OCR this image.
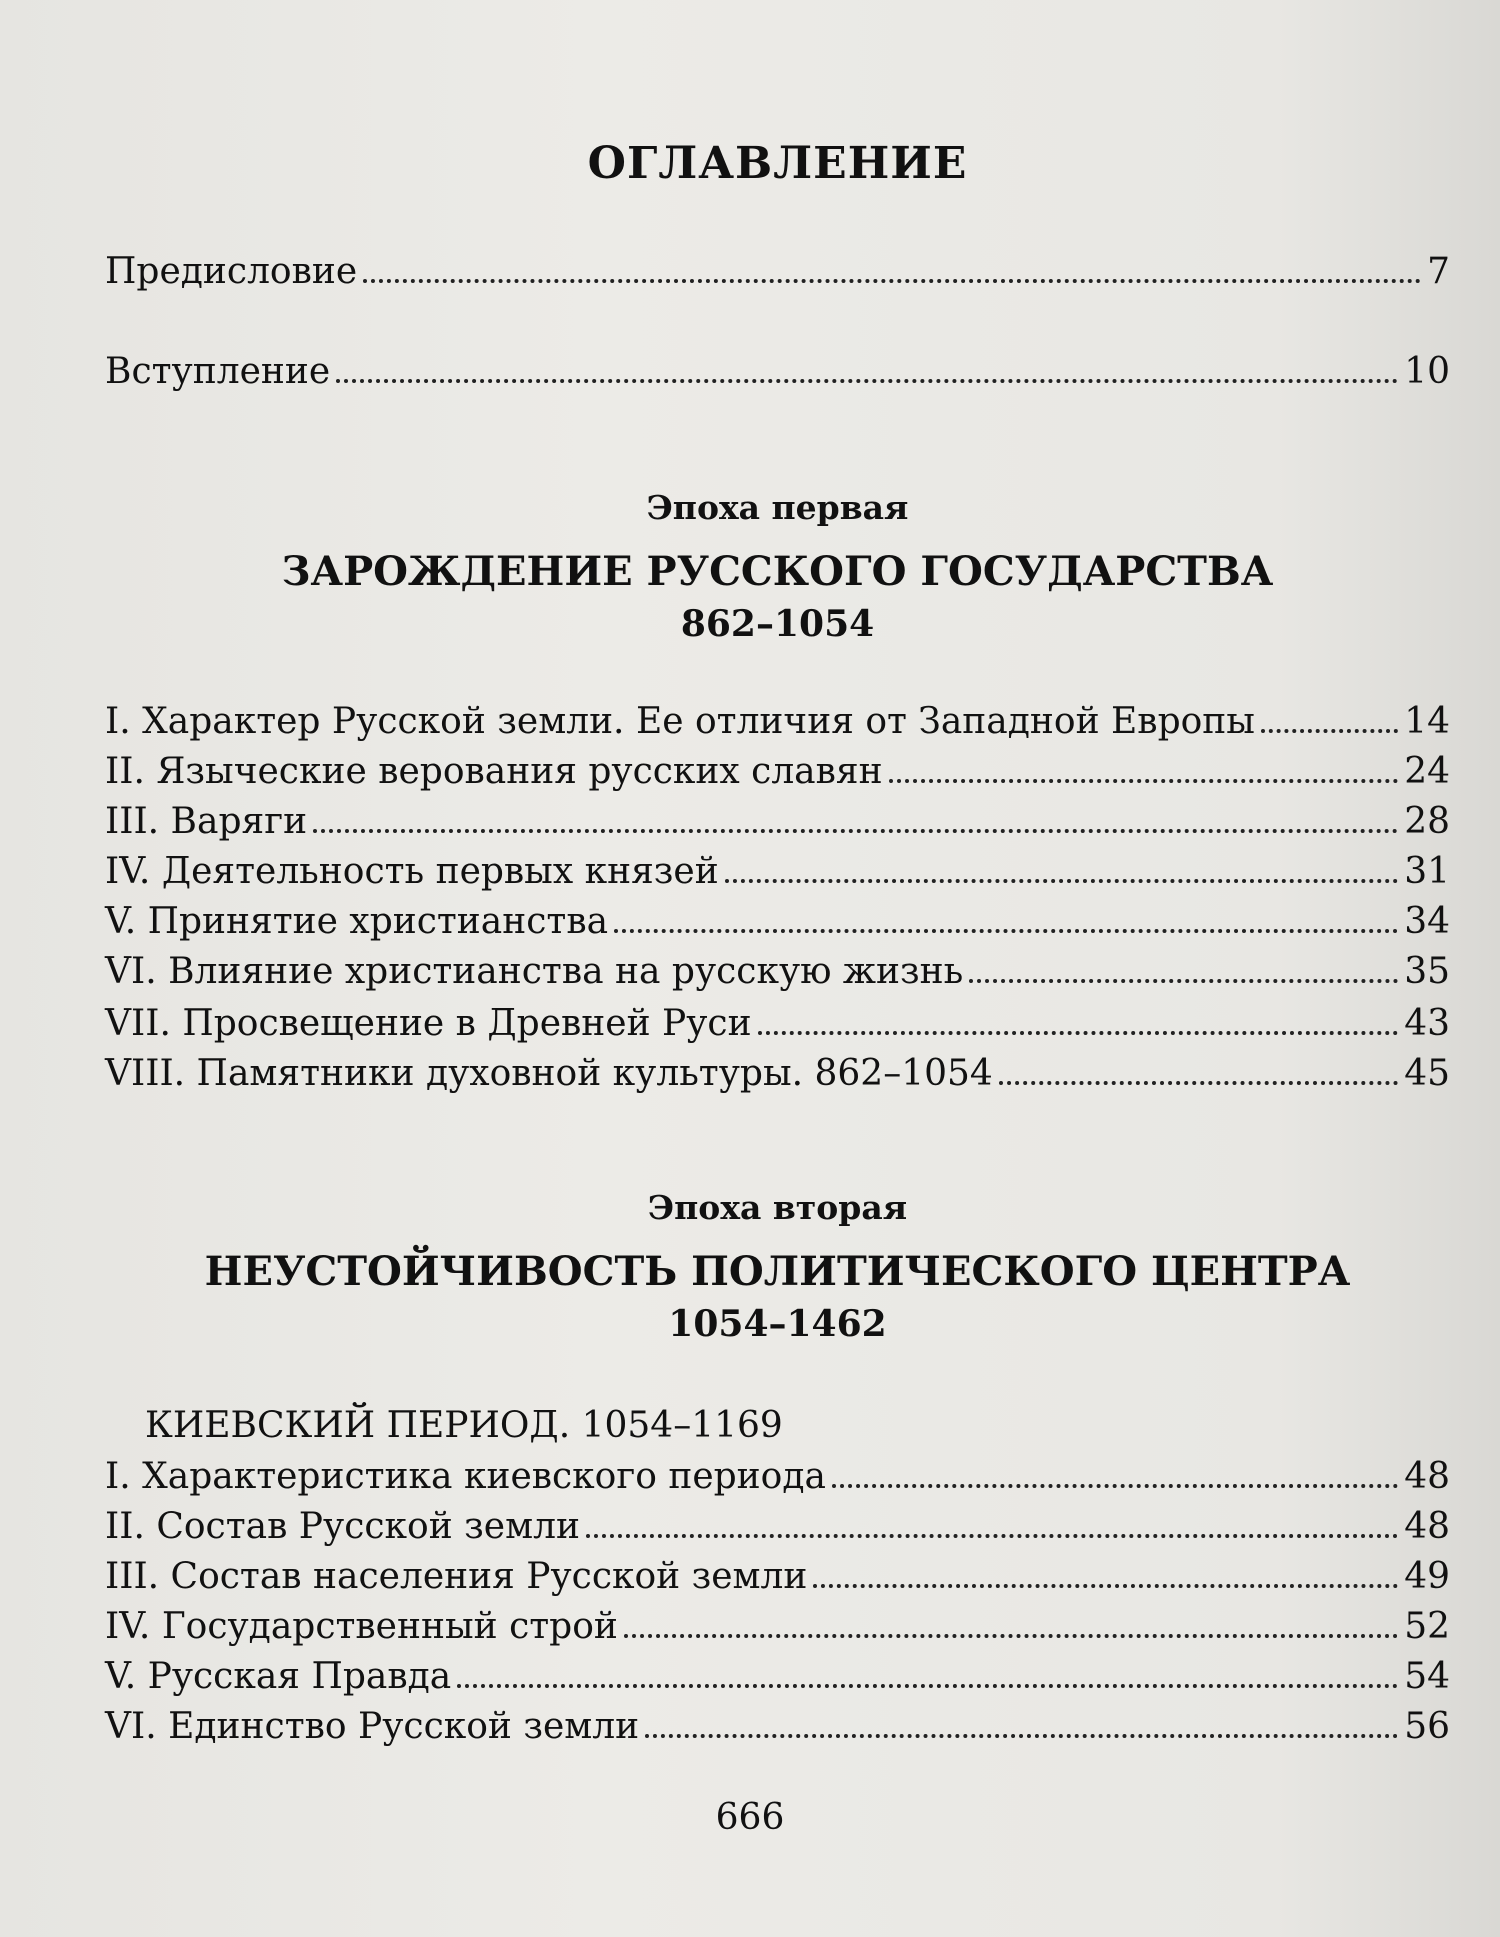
ОГЛАВЛЕНИЕ
Предисловие	7
Вступление	10
Эпоха первая
ЗАРОЖДЕНИЕ РУССКОГО ГОСУДАРСТВА
862–1054
I. Характер Русской земли. Ее отличия от Западной Европы	14
II. Языческие верования русских славян	24
III. Варяги	28
IV. Деятельность первых князей	31
V. Принятие христианства	34
VI. Влияние христианства на русскую жизнь	35
VII. Просвещение в Древней Руси	43
VIII. Памятники духовной культуры. 862–1054	45
Эпоха вторая
НЕУСТОЙЧИВОСТЬ ПОЛИТИЧЕСКОГО ЦЕНТРА
1054–1462
КИЕВСКИЙ ПЕРИОД. 1054–1169
I. Характеристика киевского периода	48
II. Состав Русской земли	48
III. Состав населения Русской земли	49
IV. Государственный строй	52
V. Русская Правда	54
VI. Единство Русской земли	56
666
